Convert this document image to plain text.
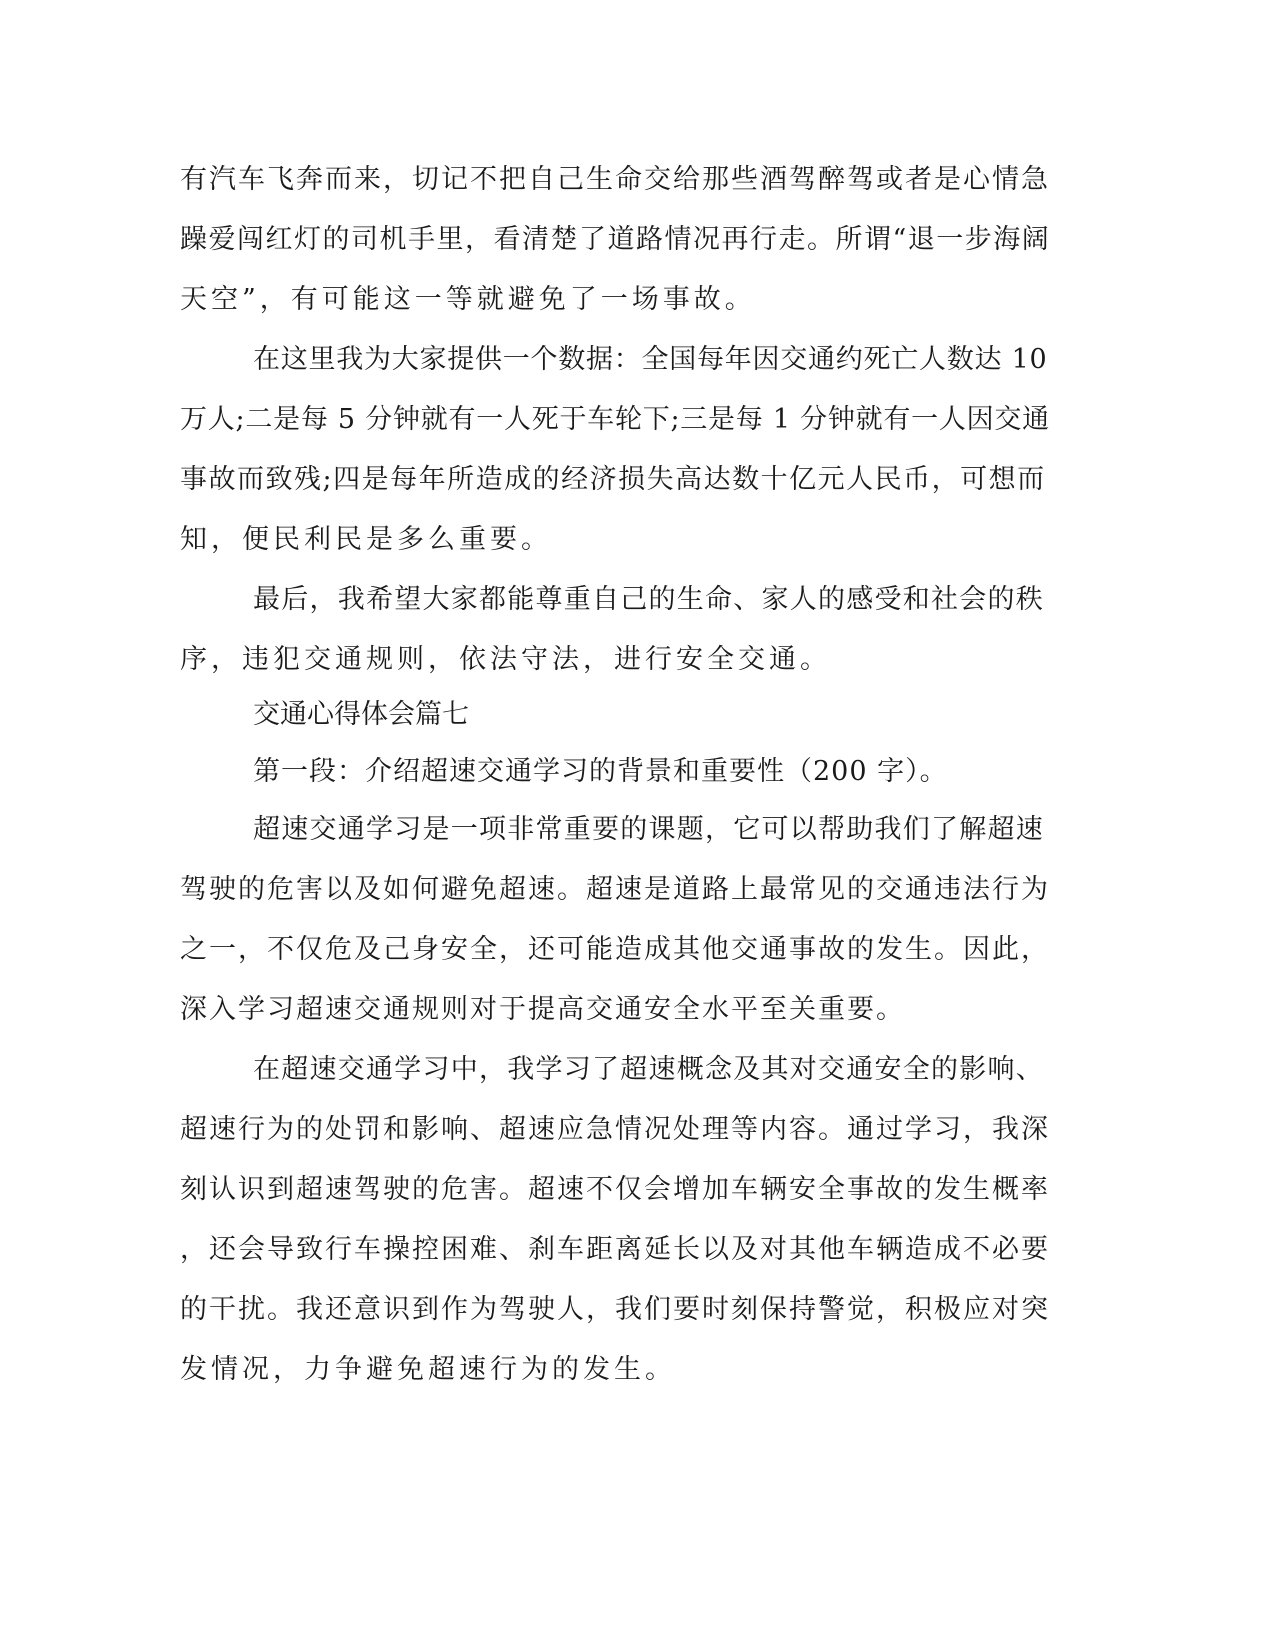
有汽车飞奔而来，切记不把自己生命交给那些酒驾醉驾或者是心情急
躁爱闯红灯的司机手里，看清楚了道路情况再行走。所谓“退一步海阔
天空”，有可能这一等就避免了一场事故。
在这里我为大家提供一个数据：全国每年因交通约死亡人数达 10
万人;二是每 5 分钟就有一人死于车轮下;三是每 1 分钟就有一人因交通
事故而致残;四是每年所造成的经济损失高达数十亿元人民币，可想而
知，便民利民是多么重要。
最后，我希望大家都能尊重自己的生命、家人的感受和社会的秩
序，违犯交通规则，依法守法，进行安全交通。
交通心得体会篇七
第一段：介绍超速交通学习的背景和重要性（200 字）。
超速交通学习是一项非常重要的课题，它可以帮助我们了解超速
驾驶的危害以及如何避免超速。超速是道路上最常见的交通违法行为
之一，不仅危及己身安全，还可能造成其他交通事故的发生。因此，
深入学习超速交通规则对于提高交通安全水平至关重要。
在超速交通学习中，我学习了超速概念及其对交通安全的影响、
超速行为的处罚和影响、超速应急情况处理等内容。通过学习，我深
刻认识到超速驾驶的危害。超速不仅会增加车辆安全事故的发生概率
，还会导致行车操控困难、刹车距离延长以及对其他车辆造成不必要
的干扰。我还意识到作为驾驶人，我们要时刻保持警觉，积极应对突
发情况，力争避免超速行为的发生。
